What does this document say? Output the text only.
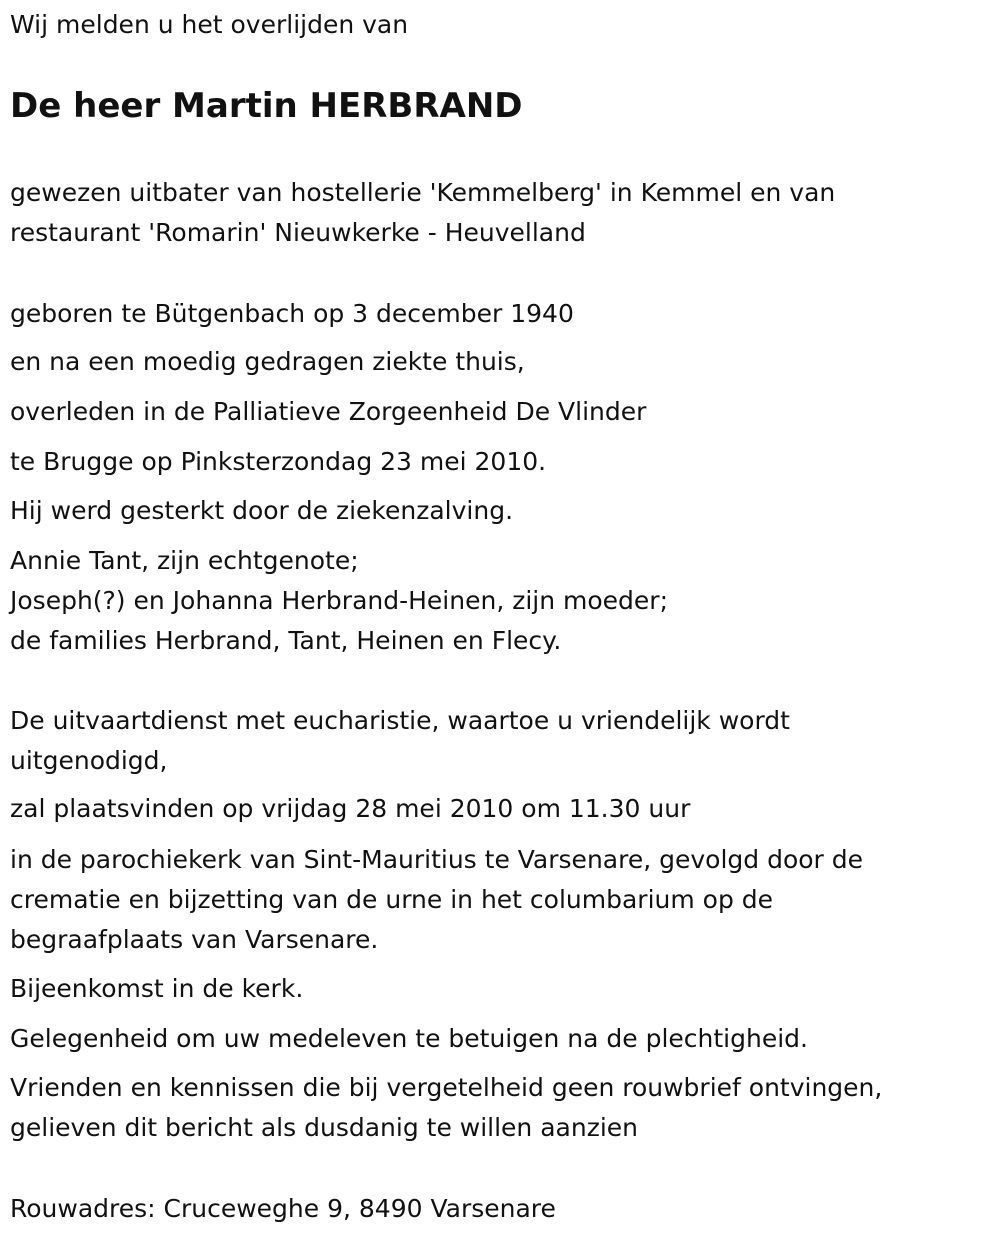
Wij melden u het overlijden van
De heer Martin HERBRAND
gewezen uitbater van hostellerie 'Kemmelberg' in Kemmel en van
restaurant 'Romarin' Nieuwkerke - Heuvelland
geboren te Bütgenbach op 3 december 1940
en na een moedig gedragen ziekte thuis,
overleden in de Palliatieve Zorgeenheid De Vlinder
te Brugge op Pinksterzondag 23 mei 2010.
Hij werd gesterkt door de ziekenzalving.
Annie Tant, zijn echtgenote;
Joseph(?) en Johanna Herbrand-Heinen, zijn moeder;
de families Herbrand, Tant, Heinen en Flecy.
De uitvaartdienst met eucharistie, waartoe u vriendelijk wordt
uitgenodigd,
zal plaatsvinden op vrijdag 28 mei 2010 om 11.30 uur
in de parochiekerk van Sint-Mauritius te Varsenare, gevolgd door de
crematie en bijzetting van de urne in het columbarium op de
begraafplaats van Varsenare.
Bijeenkomst in de kerk.
Gelegenheid om uw medeleven te betuigen na de plechtigheid.
Vrienden en kennissen die bij vergetelheid geen rouwbrief ontvingen,
gelieven dit bericht als dusdanig te willen aanzien
Rouwadres: Cruceweghe 9, 8490 Varsenare
